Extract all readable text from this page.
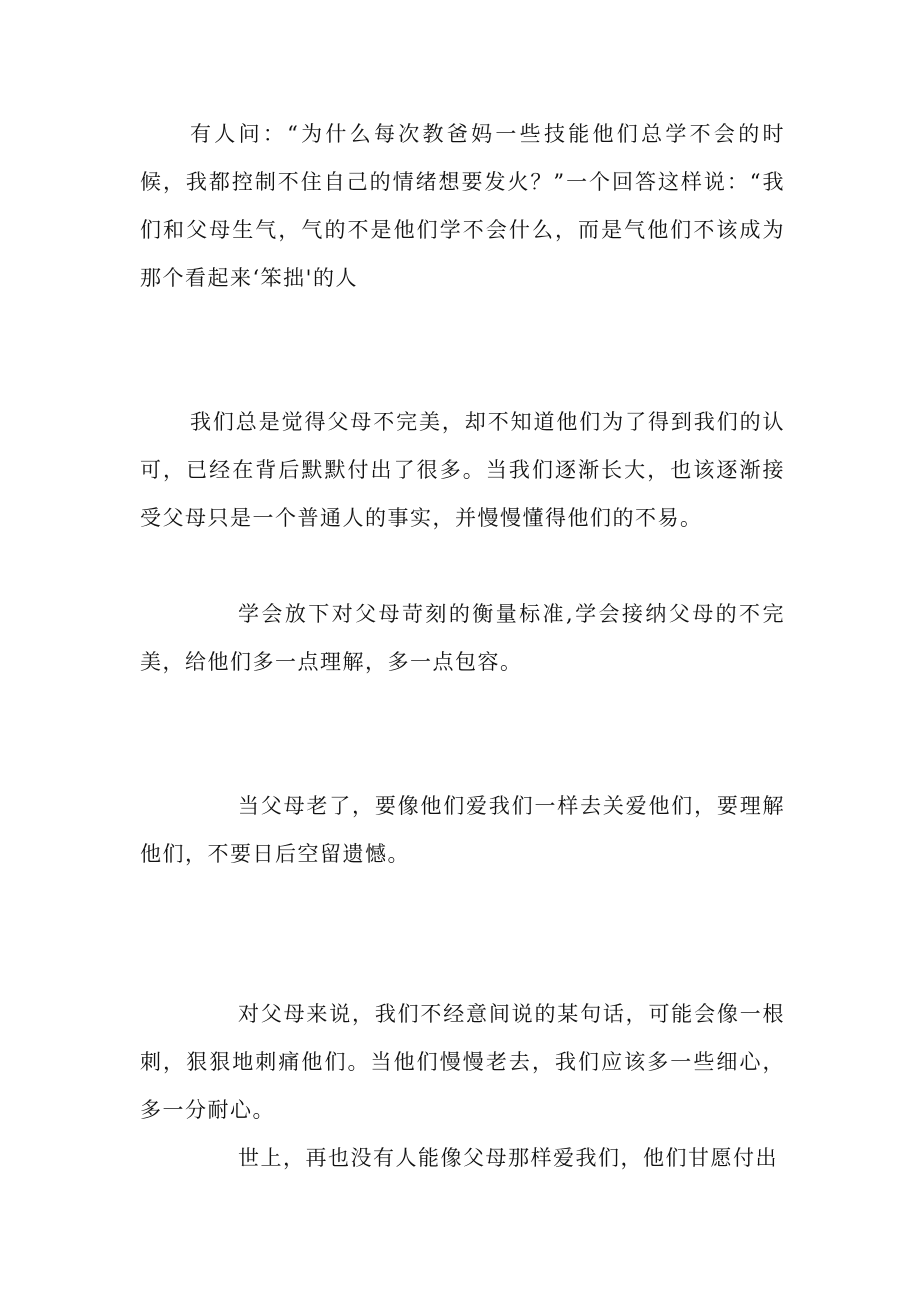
有人问：“为什么每次教爸妈一些技能他们总学不会的时候，我都控制不住自己的情绪想要发火？”一个回答这样说：“我们和父母生气，气的不是他们学不会什么，而是气他们不该成为那个看起来‘笨拙'的人

我们总是觉得父母不完美，却不知道他们为了得到我们的认可，已经在背后默默付出了很多。当我们逐渐长大，也该逐渐接受父母只是一个普通人的事实，并慢慢懂得他们的不易。

学会放下对父母苛刻的衡量标准,学会接纳父母的不完美，给他们多一点理解，多一点包容。

当父母老了，要像他们爱我们一样去关爱他们，要理解他们，不要日后空留遗憾。

对父母来说，我们不经意间说的某句话，可能会像一根刺，狠狠地刺痛他们。当他们慢慢老去，我们应该多一些细心，多一分耐心。

世上，再也没有人能像父母那样爱我们，他们甘愿付出
